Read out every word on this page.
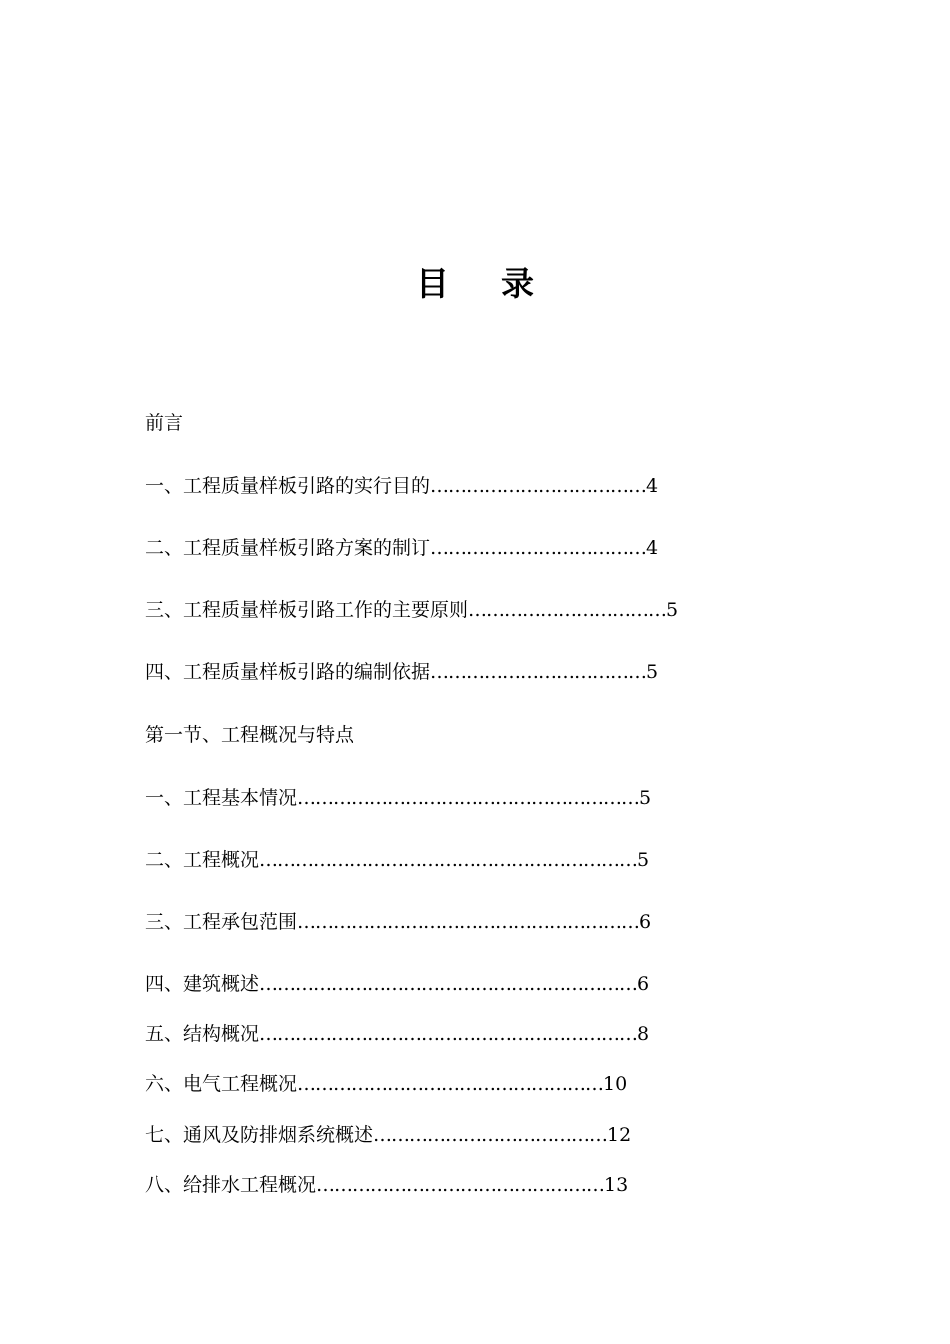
目 录
前言
一、工程质量样板引路的实行目的………………………………4
二、工程质量样板引路方案的制订………………………………4
三、工程质量样板引路工作的主要原则……………………………5
四、工程质量样板引路的编制依据………………………………5
第一节、工程概况与特点
一、工程基本情况…………………………………………………5
二、工程概况………………………………………………………5
三、工程承包范围…………………………………………………6
四、建筑概述………………………………………………………6
五、结构概况………………………………………………………8
六、电气工程概况……………………………………………10
七、通风及防排烟系统概述…………………………………12
八、给排水工程概况…………………………………………13
